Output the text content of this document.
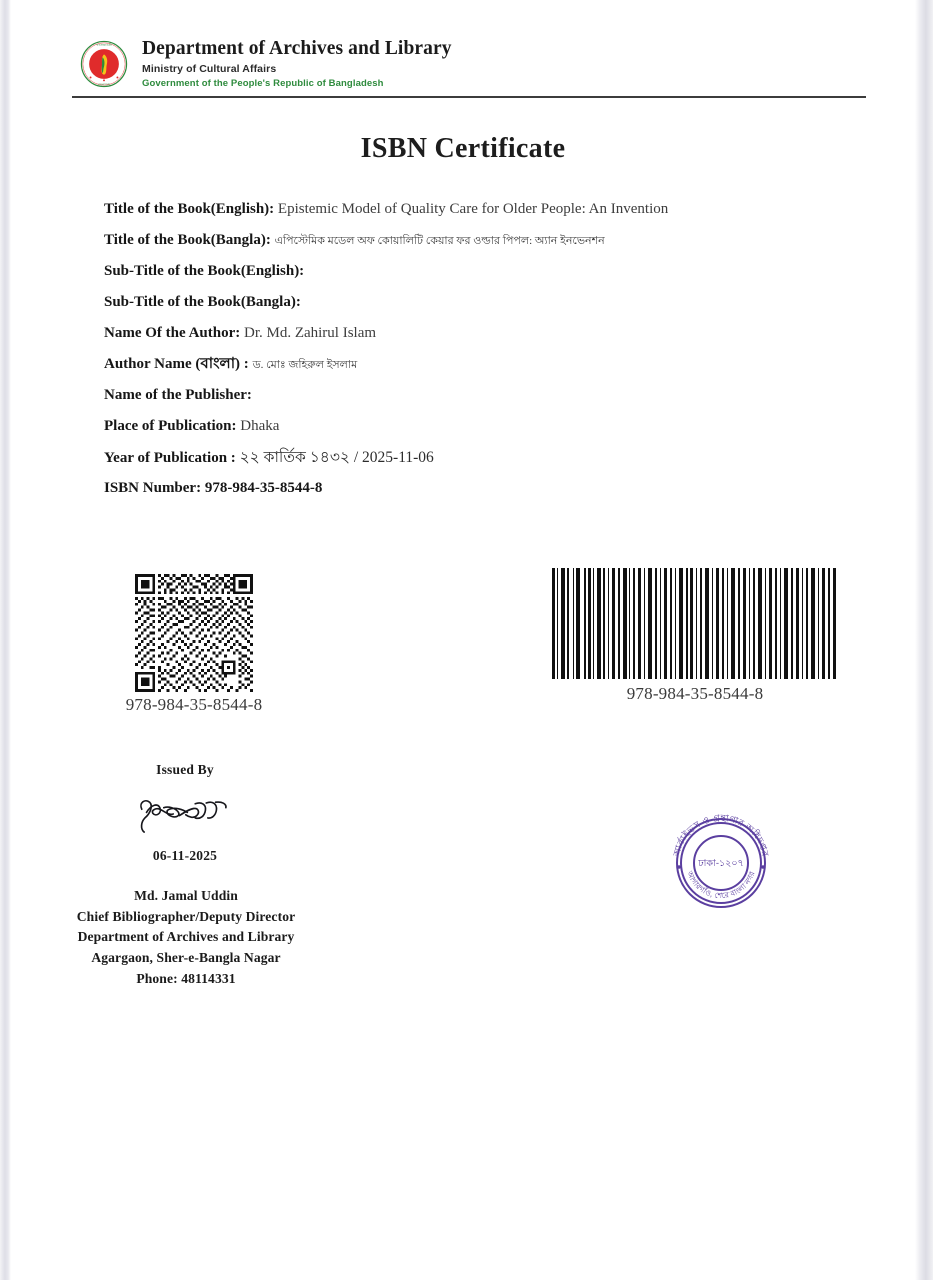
গণপ্রজাতন্ত্রী
বাংলাদেশ
Department of Archives and Library
Ministry of Cultural Affairs
Government of the People's Republic of Bangladesh
ISBN Certificate
Title of the Book(English): Epistemic Model of Quality Care for Older People: An Invention
Title of the Book(Bangla): এপিস্টেমিক মডেল অফ কোয়ালিটি কেয়ার ফর ওল্ডার পিপল: অ্যান ইনভেনশন
Sub-Title of the Book(English):
Sub-Title of the Book(Bangla):
Name Of the Author: Dr. Md. Zahirul Islam
Author Name (বাংলা) : ড. মোঃ জহিরুল ইসলাম
Name of the Publisher:
Place of Publication: Dhaka
Year of Publication : ২২ কার্তিক ১৪৩২ / 2025-11-06
ISBN Number: 978-984-35-8544-8
978-984-35-8544-8
978-984-35-8544-8
Issued By
06-11-2025
Md. Jamal Uddin
Chief Bibliographer/Deputy Director
Department of Archives and Library
Agargaon, Sher-e-Bangla Nagar
Phone: 48114331
আর্কাইভস ও গ্রন্থাগার অধিদপ্তর
আগারগাঁও, শেরে বাংলা নগর
ঢাকা-১২০৭
